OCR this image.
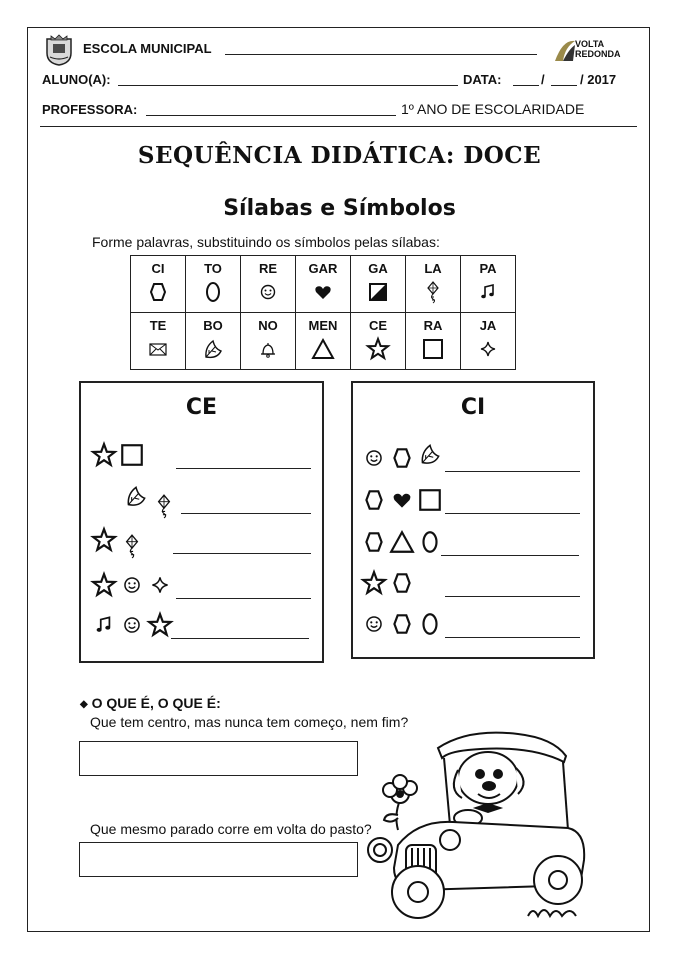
ESCOLA MUNICIPAL	VOLTA
REDONDA
ALUNO(A):	DATA:	/	/ 2017
PROFESSORA:	1º ANO DE ESCOLARIDADE
SEQUÊNCIA DIDÁTICA: DOCE
Sílabas e Símbolos
Forme palavras, substituindo os símbolos pelas sílabas:
CI	TO	RE	GAR	GA	LA	PA

TE	BO	NO	MEN	CE	RA	JA
CE	CI
◆ O QUE É, O QUE É:
Que tem centro, mas nunca tem começo, nem fim?
Que mesmo parado corre em volta do pasto?
